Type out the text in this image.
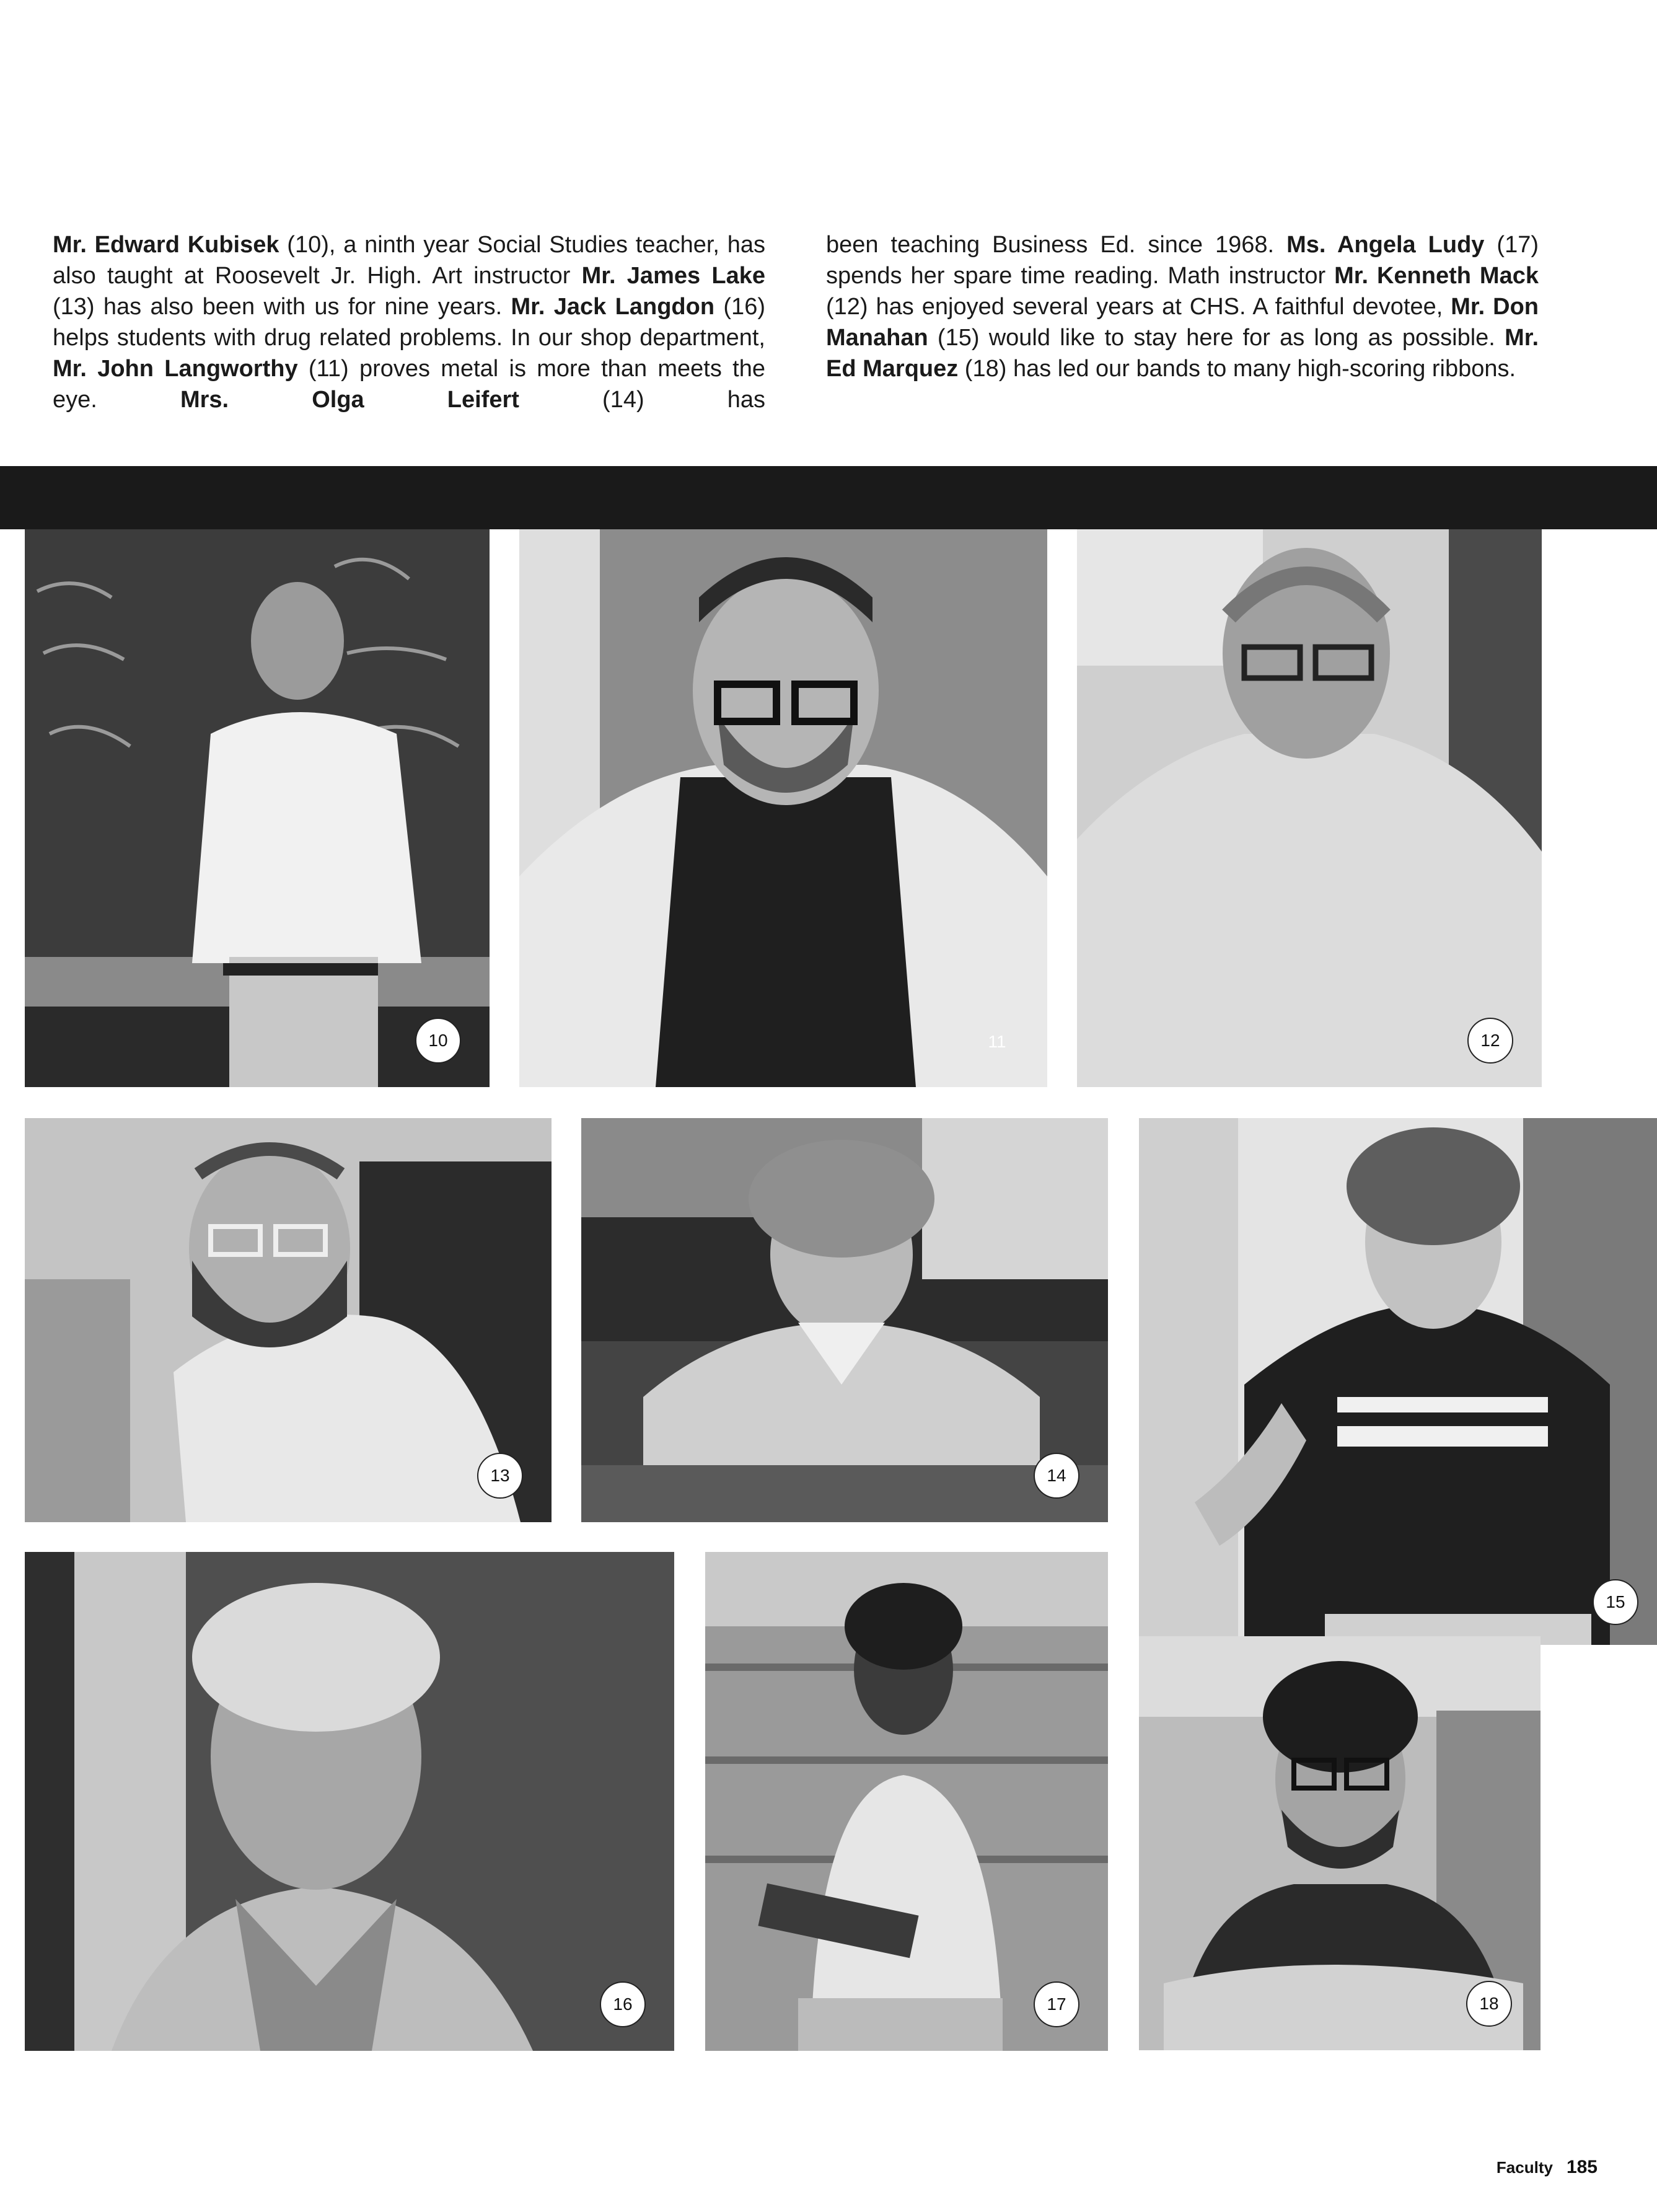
Mr. Edward Kubisek (10), a ninth year Social Studies teacher, has also taught at Roosevelt Jr. High. Art instructor Mr. James Lake (13) has also been with us for nine years. Mr. Jack Langdon (16) helps students with drug related problems. In our shop department, Mr. John Langworthy (11) proves metal is more than meets the eye. Mrs. Olga Leifert (14) has

been teaching Business Ed. since 1968. Ms. Angela Ludy (17) spends her spare time reading. Math instructor Mr. Kenneth Mack (12) has enjoyed several years at CHS. A faithful devotee, Mr. Don Manahan (15) would like to stay here for as long as possible. Mr. Ed Marquez (18) has led our bands to many high-scoring ribbons.

10	11	12
13	14
15
16	17	18
Faculty 185
